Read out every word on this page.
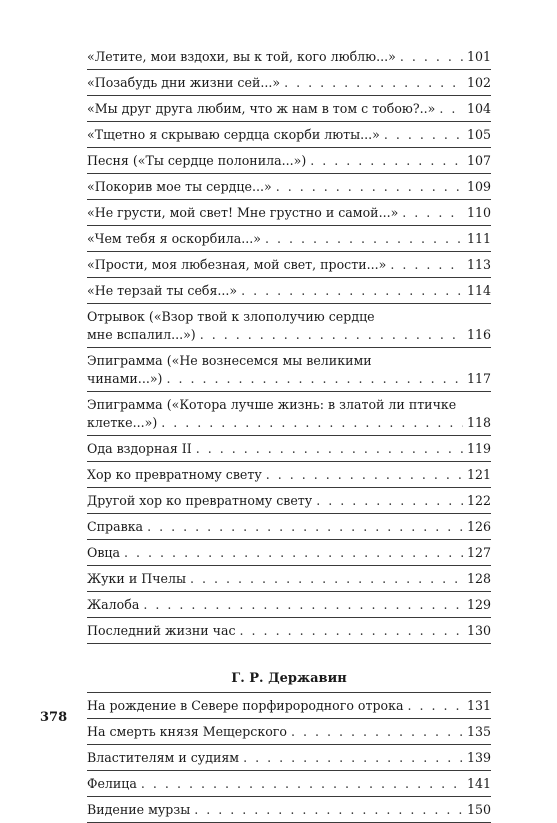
«Летите, мои вздохи, вы к той, кого люблю...» . . .	101
«Позабудь дни жизни сей...» . . .	102
«Мы друг друга любим, что ж нам в том с тобою?..» . . .	104
«Тщетно я скрываю сердца скорби люты...» . . .	105
Песня («Ты сердце полонила...») . . .	107
«Покорив мое ты сердце...» . . .	109
«Не грусти, мой свет! Мне грустно и самой...» . . .	110
«Чем тебя я оскорбила...» . . .	111
«Прости, моя любезная, мой свет, прости...» . . .	113
«Не терзай ты себя...» . . .	114
Отрывок («Взор твой к злополучию сердце
мне вспалил...») . . .	116
Эпиграмма («Не вознесемся мы великими
чинами...») . . .	117
Эпиграмма («Котора лучше жизнь: в златой ли птичке
клетке...») . . .	118
Ода вздорная II . . .	119
Хор ко превратному свету . . .	121
Другой хор ко превратному свету . . .	122
Справка . . .	126
Овца . . .	127
Жуки и Пчелы . . .	128
Жалоба . . .	129
Последний жизни час . . .	130
Г. Р. Державин
На рождение в Севере порфирородного отрока . . .	131
На смерть князя Мещерского . . .	135
Властителям и судиям . . .	139
Фелица . . .	141
Видение мурзы . . .	150
378
